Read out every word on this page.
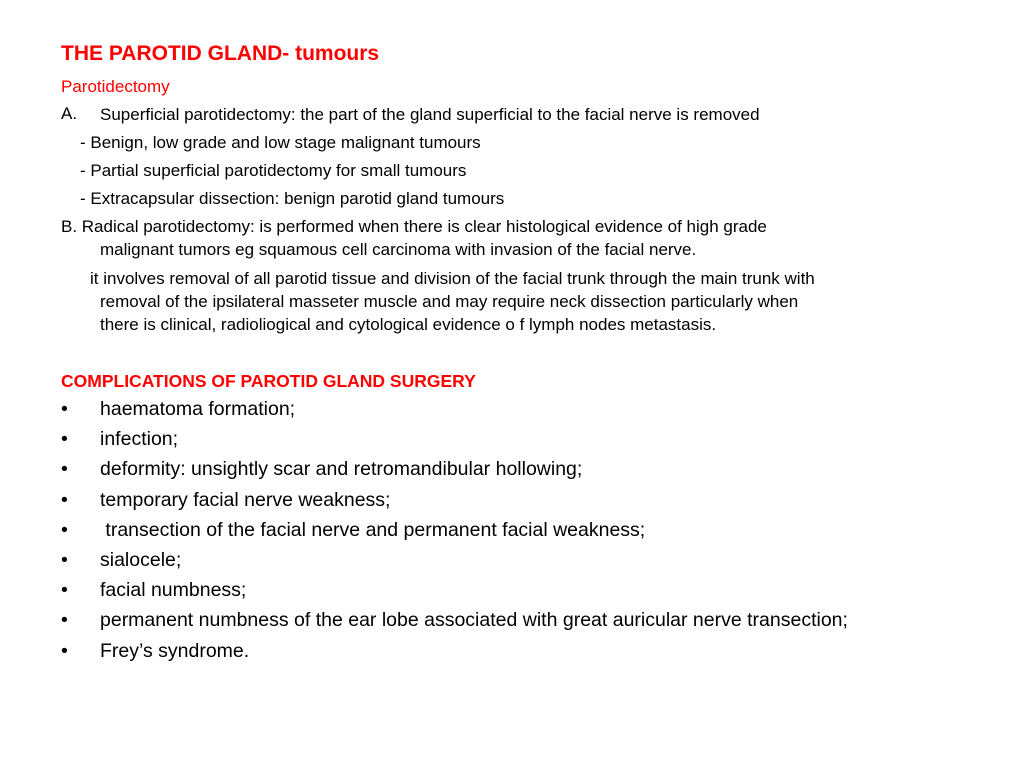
THE PAROTID GLAND- tumours
Parotidectomy
A. Superficial parotidectomy: the part of the gland superficial to the facial nerve is removed
- Benign, low grade and low stage malignant tumours
- Partial superficial parotidectomy for small tumours
- Extracapsular dissection: benign parotid gland tumours
B. Radical parotidectomy: is performed when there is clear histological evidence of high grade
malignant tumors eg squamous cell carcinoma with invasion of the facial nerve.
it involves removal of all parotid tissue and division of the facial trunk through the main trunk with
removal of the ipsilateral masseter muscle and may require neck dissection particularly when
there is clinical, radioliogical and cytological evidence o f lymph nodes metastasis.
COMPLICATIONS OF PAROTID GLAND SURGERY
• haematoma formation;
• infection;
• deformity: unsightly scar and retromandibular hollowing;
• temporary facial nerve weakness;
• transection of the facial nerve and permanent facial weakness;
• sialocele;
• facial numbness;
• permanent numbness of the ear lobe associated with great auricular nerve transection;
• Frey’s syndrome.
